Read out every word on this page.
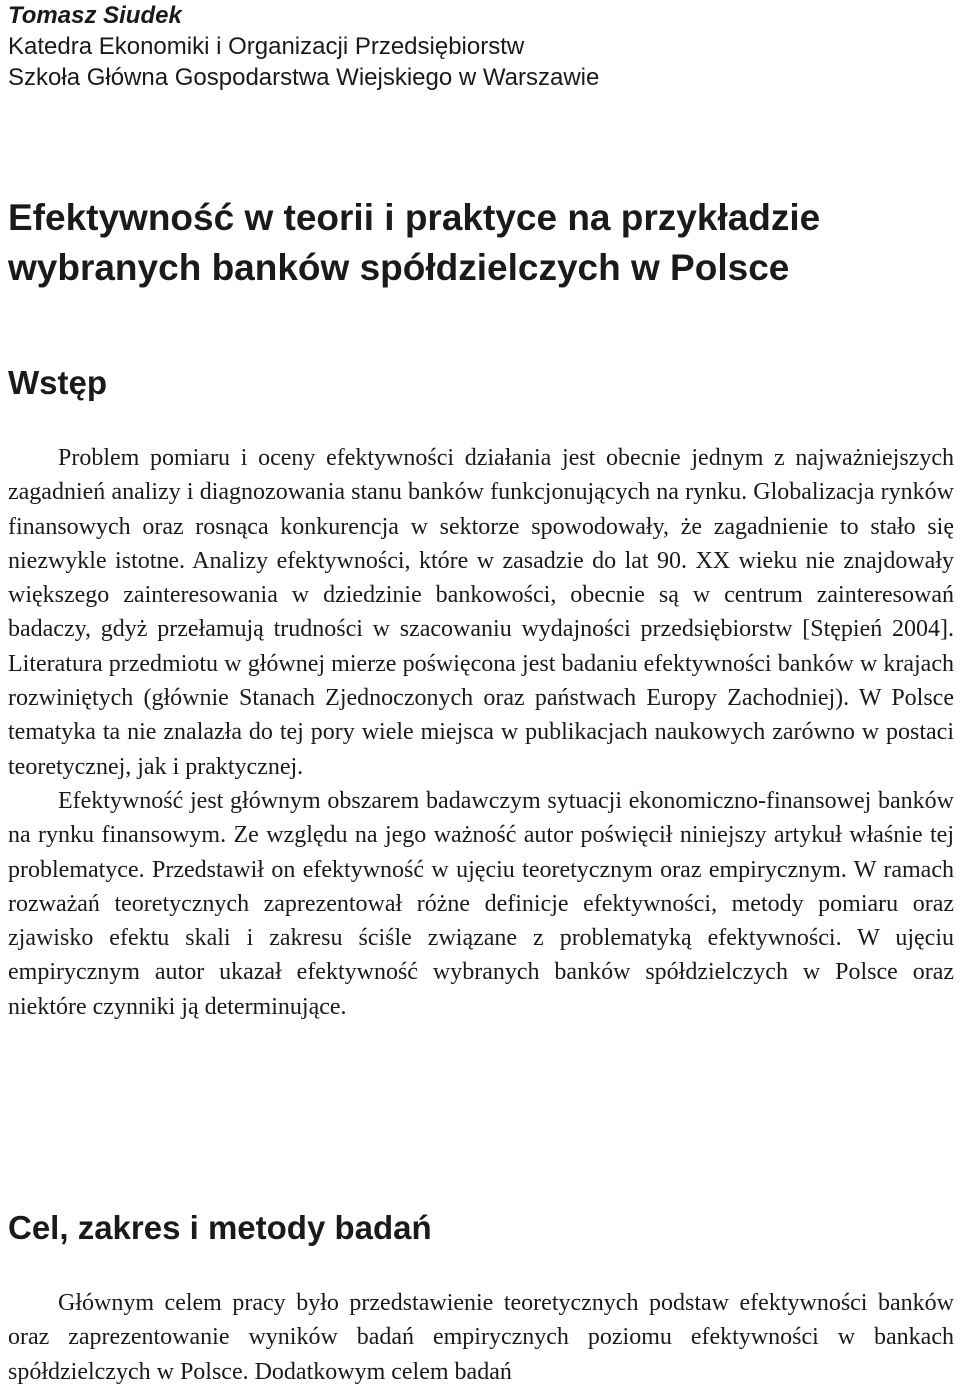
Tomasz Siudek
Katedra Ekonomiki i Organizacji Przedsiębiorstw
Szkoła Główna Gospodarstwa Wiejskiego w Warszawie
Efektywność w teorii i praktyce na przykładzie
wybranych banków spółdzielczych w Polsce
Wstęp

Problem pomiaru i oceny efektywności działania jest obecnie jednym z najważniejszych zagadnień analizy i diagnozowania stanu banków funkcjonujących na rynku. Globalizacja rynków finansowych oraz rosnąca konkurencja w sektorze spowodowały, że zagadnienie to stało się niezwykle istotne. Analizy efektywności, które w zasadzie do lat 90. XX wieku nie znajdowały większego zainteresowania w dziedzinie bankowości, obecnie są w centrum zainteresowań badaczy, gdyż przełamują trudności w szacowaniu wydajności przedsiębiorstw [Stępień 2004]. Literatura przedmiotu w głównej mierze poświęcona jest badaniu efektywności banków w krajach rozwiniętych (głównie Stanach Zjednoczonych oraz państwach Europy Zachodniej). W Polsce tematyka ta nie znalazła do tej pory wiele miejsca w publikacjach naukowych zarówno w postaci teoretycznej, jak i praktycznej.

Efektywność jest głównym obszarem badawczym sytuacji ekonomiczno-finansowej banków na rynku finansowym. Ze względu na jego ważność autor poświęcił niniejszy artykuł właśnie tej problematyce. Przedstawił on efektywność w ujęciu teoretycznym oraz empirycznym. W ramach rozważań teoretycznych zaprezentował różne definicje efektywności, metody pomiaru oraz zjawisko efektu skali i zakresu ściśle związane z problematyką efektywności. W ujęciu empirycznym autor ukazał efektywność wybranych banków spółdzielczych w Polsce oraz niektóre czynniki ją determinujące.

Cel, zakres i metody badań

Głównym celem pracy było przedstawienie teoretycznych podstaw efektywności banków oraz zaprezentowanie wyników badań empirycznych poziomu efektywności w bankach spółdzielczych w Polsce. Dodatkowym celem badań
